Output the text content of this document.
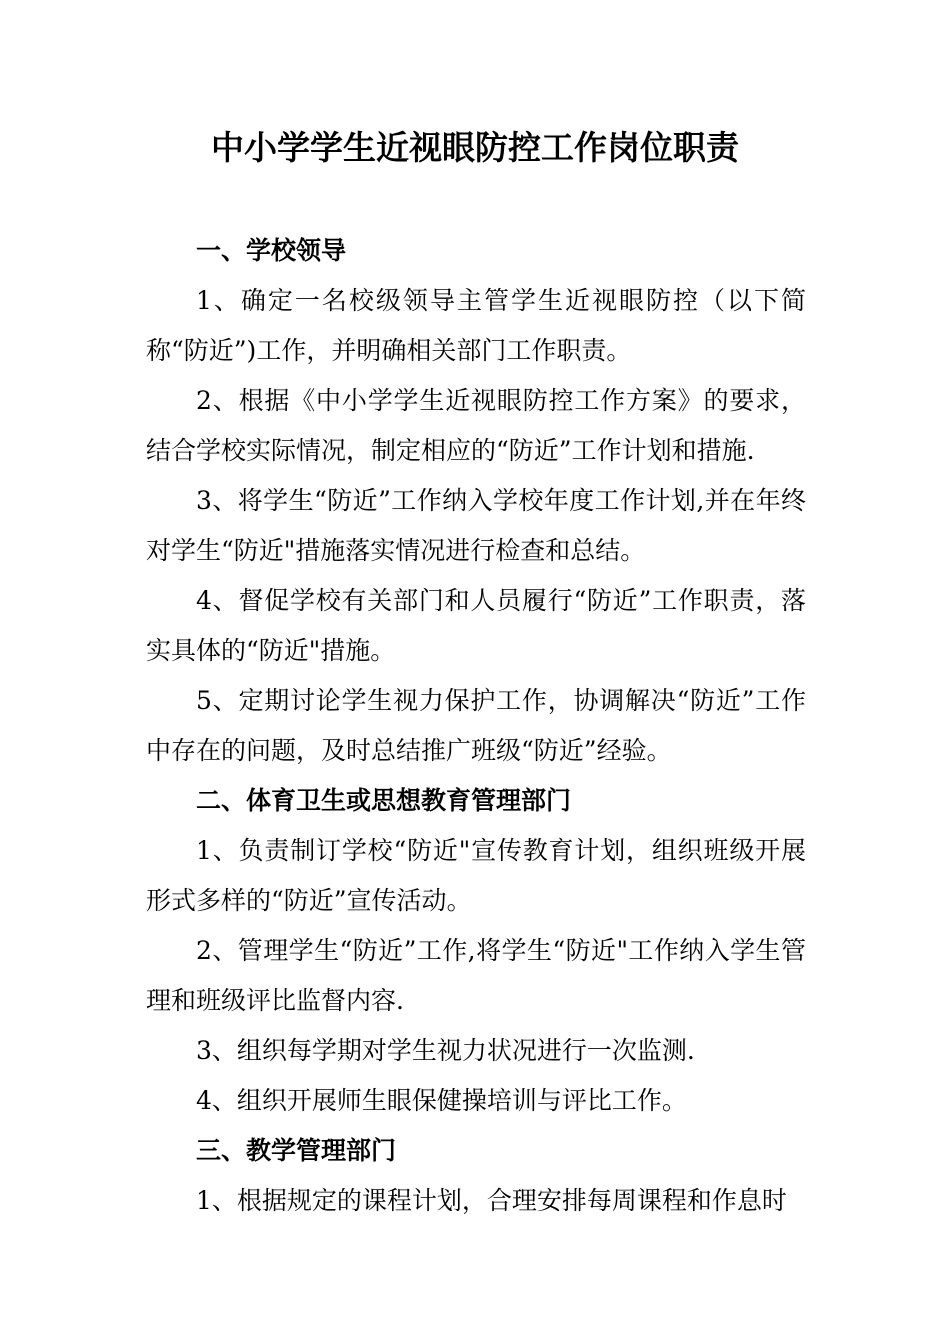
中小学学生近视眼防控工作岗位职责

一、学校领导

1、确定一名校级领导主管学生近视眼防控（以下简称“防近”)工作，并明确相关部门工作职责。

2、根据《中小学学生近视眼防控工作方案》的要求，结合学校实际情况，制定相应的“防近”工作计划和措施.

3、将学生“防近”工作纳入学校年度工作计划,并在年终对学生“防近"措施落实情况进行检查和总结。

4、督促学校有关部门和人员履行“防近”工作职责，落实具体的“防近"措施。

5、定期讨论学生视力保护工作，协调解决“防近”工作中存在的问题，及时总结推广班级“防近”经验。

二、体育卫生或思想教育管理部门

1、负责制订学校“防近"宣传教育计划，组织班级开展形式多样的“防近”宣传活动。

2、管理学生“防近”工作,将学生“防近"工作纳入学生管理和班级评比监督内容.

3、组织每学期对学生视力状况进行一次监测.

4、组织开展师生眼保健操培训与评比工作。

三、教学管理部门

1、根据规定的课程计划，合理安排每周课程和作息时
